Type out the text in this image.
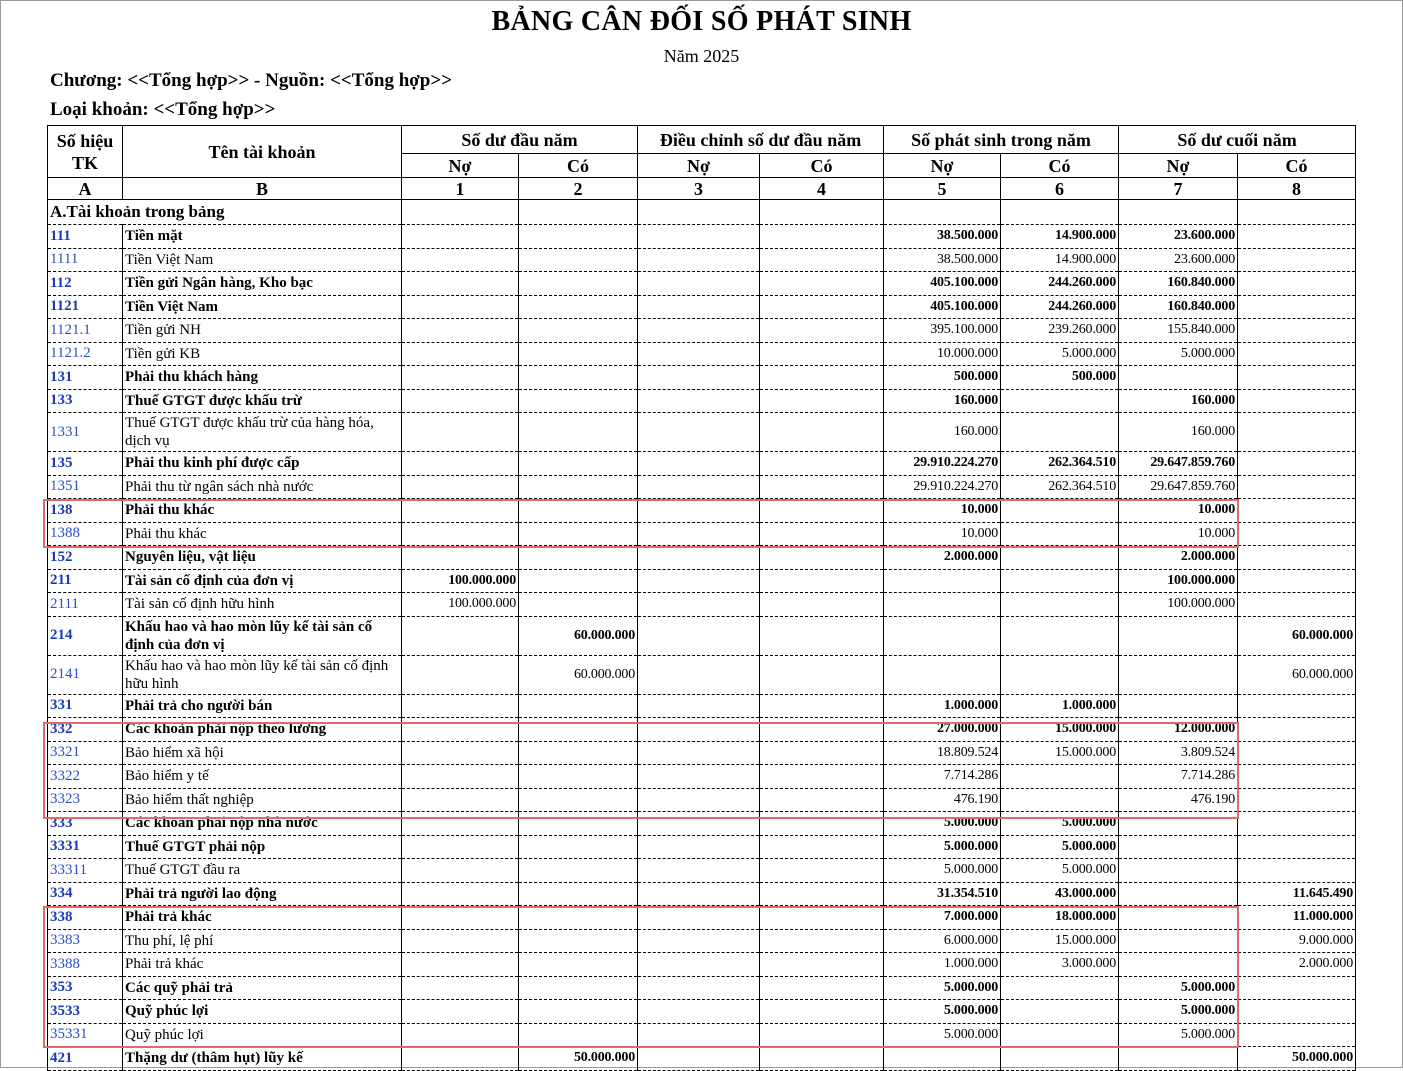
BẢNG CÂN ĐỐI SỐ PHÁT SINH
Năm 2025
Chương: <<Tổng hợp>> - Nguồn: <<Tổng hợp>>
Loại khoản: <<Tổng hợp>>
Số hiệu TK	Tên tài khoản	Số dư đầu năm		Điều chỉnh số dư đầu năm		Số phát sinh trong năm		Số dư cuối năm	
		Nợ	Có	Nợ	Có	Nợ	Có	Nợ	Có
A	B	1	2	3	4	5	6	7	8
A.Tài khoản trong bảng									
111	Tiền mặt					38.500.000	14.900.000	23.600.000	
1111	Tiền Việt Nam					38.500.000	14.900.000	23.600.000	
112	Tiền gửi Ngân hàng, Kho bạc					405.100.000	244.260.000	160.840.000	
1121	Tiền Việt Nam					405.100.000	244.260.000	160.840.000	
1121.1	Tiền gửi NH					395.100.000	239.260.000	155.840.000	
1121.2	Tiền gửi KB					10.000.000	5.000.000	5.000.000	
131	Phải thu khách hàng					500.000	500.000		
133	Thuế GTGT được khấu trừ					160.000		160.000	
1331	Thuế GTGT được khấu trừ của hàng hóa, dịch vụ					160.000		160.000	
135	Phải thu kinh phí được cấp					29.910.224.270	262.364.510	29.647.859.760	
1351	Phải thu từ ngân sách nhà nước					29.910.224.270	262.364.510	29.647.859.760	
138	Phải thu khác					10.000		10.000	
1388	Phải thu khác					10.000		10.000	
152	Nguyên liệu, vật liệu					2.000.000		2.000.000	
211	Tài sản cố định của đơn vị	100.000.000						100.000.000	
2111	Tài sản cố định hữu hình	100.000.000						100.000.000	
214	Khấu hao và hao mòn lũy kế tài sản cố định của đơn vị		60.000.000						60.000.000
2141	Khấu hao và hao mòn lũy kế tài sản cố định hữu hình		60.000.000						60.000.000
331	Phải trả cho người bán					1.000.000	1.000.000		
332	Các khoản phải nộp theo lương					27.000.000	15.000.000	12.000.000	
3321	Bảo hiểm xã hội					18.809.524	15.000.000	3.809.524	
3322	Bảo hiểm y tế					7.714.286		7.714.286	
3323	Bảo hiểm thất nghiệp					476.190		476.190	
333	Các khoản phải nộp nhà nước					5.000.000	5.000.000		
3331	Thuế GTGT phải nộp					5.000.000	5.000.000		
33311	Thuế GTGT đầu ra					5.000.000	5.000.000		
334	Phải trả người lao động					31.354.510	43.000.000		11.645.490
338	Phải trả khác					7.000.000	18.000.000		11.000.000
3383	Thu phí, lệ phí					6.000.000	15.000.000		9.000.000
3388	Phải trả khác					1.000.000	3.000.000		2.000.000
353	Các quỹ phải trả					5.000.000		5.000.000	
3533	Quỹ phúc lợi					5.000.000		5.000.000	
35331	Quỹ phúc lợi					5.000.000		5.000.000	
421	Thặng dư (thâm hụt) lũy kế		50.000.000						50.000.000
